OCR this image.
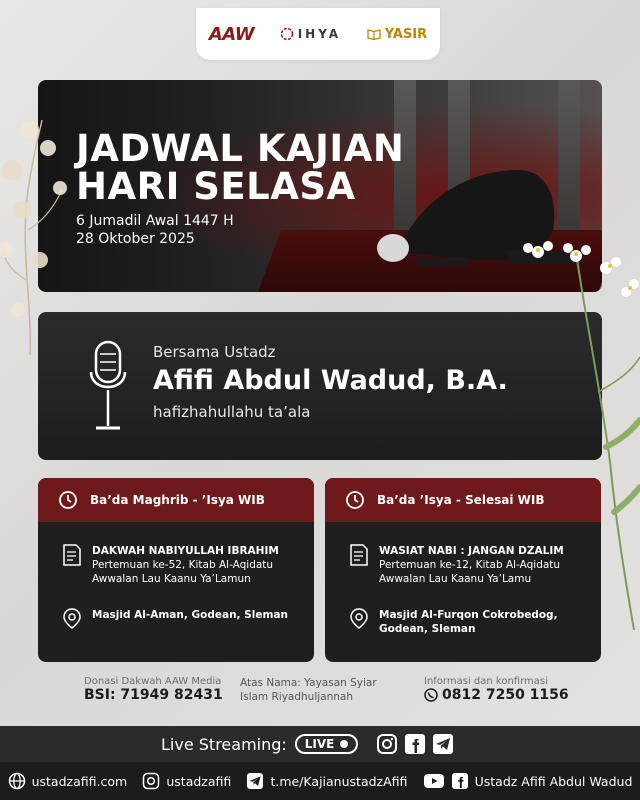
AAW	IHYA	YASIR
JADWAL KAJIAN
HARI SELASA
6 Jumadil Awal 1447 H
28 Oktober 2025
Bersama Ustadz
Afifi Abdul Wadud, B.A.
hafizhahullahu ta’ala
Ba’da Maghrib - ’Isya WIB
DAKWAH NABIYULLAH IBRAHIM
Pertemuan ke-52, Kitab Al-Aqidatu
Awwalan Lau Kaanu Ya’Lamun
Masjid Al-Aman, Godean, Sleman
Ba’da ’Isya - Selesai WIB
WASIAT NABI : JANGAN DZALIM
Pertemuan ke-12, Kitab Al-Aqidatu
Awwalan Lau Kaanu Ya’Lamu
Masjid Al-Furqon Cokrobedog,
Godean, Sleman
Donasi Dakwah AAW Media
BSI: 71949 82431
Atas Nama: Yayasan Syiar
Islam Riyadhuljannah
Informasi dan konfirmasi
0812 7250 1156
Live Streaming: LIVE
ustadzafifi.com	ustadzafifi	t.me/KajianustadzAfifi	Ustadz Afifi Abdul Wadud
